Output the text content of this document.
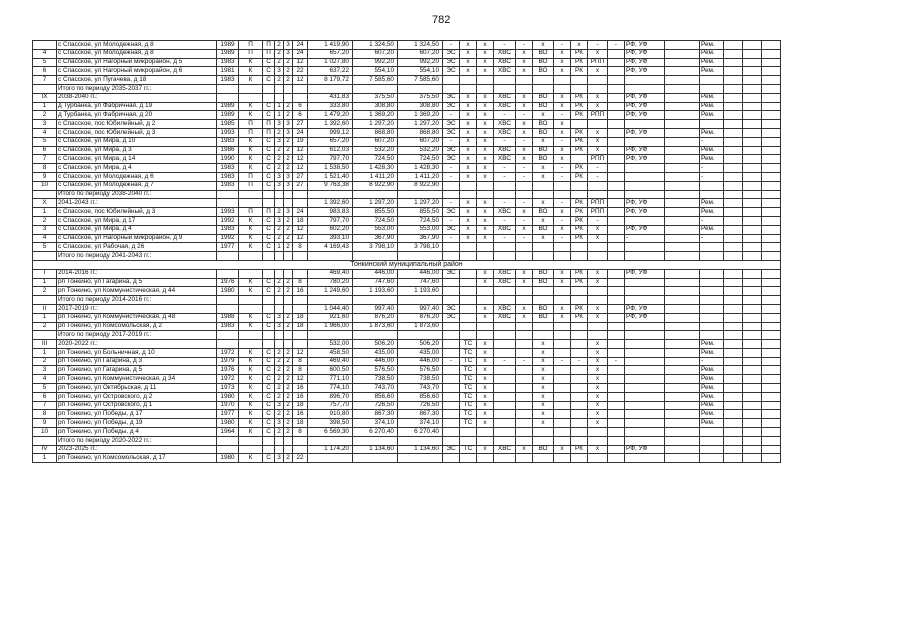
782
	с Спасское, ул Молодежная, д 8	1989	П	П	2	3	24	1 419,90	1 324,50	1 324,50	-	х	х	-	-	х	-	х	-	-	РФ, УФ		Рем.			
4	с Спасское, ул Молодежная, д 8	1989	П	П	2	3	24	657,20	607,20	607,20	ЭС	х	х	ХВС	х	ВО	х	РК	х		РФ, УФ		Рем.			
5	с Спасское, ул Нагорный микрорайон, д 5	1983	К	С	2	2	12	1 027,80	992,20	992,20	ЭС	х	х	ХВС	х	ВО	х	РК	РПП		РФ, УФ		Рем.			
6	с Спасское, ул Нагорный микрорайон, д 6	1981	К	С	3	2	22	637,22	554,10	554,10	ЭС	х	х	ХВС	х	ВО	х	РК	х		РФ, УФ		Рем.			
7	с Спасское, ул Пугачева, д 18	1983	К	С	2	2	12	8 179,72	7 585,60	7 585,60																
	Итого по периоду 2035-2037 гг.:																									
IX	2038-2040 гг.:							431,83	375,50	375,50	ЭС	х	х	ХВС	х	ВО	х	РК	х		РФ, УФ		Рем.			
1	д Турбанка, ул Фабричная, д 19	1989	К	С	1	2	6	333,80	308,80	308,80	ЭС	х	х	ХВС	х	ВО	х	РК	х		РФ, УФ		Рем.			
2	д Турбанка, ул Фабричная, д 20	1989	К	С	1	2	6	1 479,20	1 369,20	1 369,20	-	х	х	-	-	х	-	РК	РПП		РФ, УФ		Рем.			
3	с Спасское, пос Юбилейный, д 2	1985	П	П	3	3	27	1 392,60	1 297,20	1 297,20	ЭС	х	х	ХВС	х	ВО	х									
4	с Спасское, пос Юбилейный, д 3	1993	П	П	2	3	24	999,12	868,80	868,80	ЭС	х	х	ХВС	х	ВО	х	РК	х		РФ, УФ		Рем.			
5	с Спасское, ул Мира, д 10	1983	К	С	3	2	19	657,20	607,20	607,20	-	х	х	-	-	х	-	РК	х				-			
6	с Спасское, ул Мира, д 3	1986	К	С	2	2	12	612,03	532,20	532,20	ЭС	х	х	ХВС	х	ВО	х	РК	х		РФ, УФ		Рем.			
7	с Спасское, ул Мира, д 14	1990	К	С	2	2	12	797,70	724,50	724,50	ЭС	х	х	ХВС	х	ВО	х		РПП		РФ, УФ		Рем.			
8	с Спасское, ул Мира, д 4	1983	К	С	2	2	12	1 538,50	1 428,30	1 428,30	-	х	х	-	-	х	-	РК	-				-			
9	с Спасское, ул Молодежная, д 6	1983	П	С	3	3	27	1 521,40	1 411,20	1 411,20	-	х	х	-	-	х	-	РК	-				-			
10	с Спасское, ул Молодежная, д 7	1983	П	С	3	3	27	9 763,38	8 922,90	8 922,90																
	Итого по периоду 2038-2040 гг.:																									
X	2041-2043 гг.:							1 392,60	1 297,20	1 297,20	-	х	х	-	-	х	-	РК	РПП		РФ, УФ		Рем.			
1	с Спасское, пос Юбилейный, д 3	1993	П	П	2	3	24	983,83	855,50	855,50	ЭС	х	х	ХВС	х	ВО	х	РК	РПП		РФ, УФ		Рем.			
2	с Спасское, ул Мира, д 17	1992	К	С	3	2	18	797,70	724,50	724,50	-	х	х	-	-	х	-	РК	-				-			
3	с Спасское, ул Мира, д 4	1983	К	С	2	2	12	602,20	553,00	553,00	ЭС	х	х	ХВС	х	ВО	х	РК	х		РФ, УФ		Рем.			
4	с Спасское, ул Нагорный микрорайон, д 9	1992	К	С	2	2	12	393,10	367,90	367,90	-	х	х	-	-	х	-	РК	х		-		-			
5	с Спасское, ул Рабочая, д 26	1977	К	С	1	2	8	4 169,43	3 798,10	3 798,10																
	Итого по периоду 2041-2043 гг.:																									
Тонкинский муниципальный район																										
I	2014-2016 гг.:							469,40	446,00	446,00	ЭС		х	ХВС	х	ВО	х	РК	х		РФ, УФ					
1	рп Тонкино, ул Гагарина, д 5	1976	К	С	2	2	8	780,20	747,60	747,60			х	ХВС	х	ВО	х	РК	х							
2	рп Тонкино, ул Коммунистическая, д 44	1980	К	С	2	2	16	1 249,60	1 193,60	1 193,60																
	Итого по периоду 2014-2016 гг.:																									
II	2017-2019 гг.:							1 044,40	997,40	997,40	ЭС		х	ХВС	х	ВО	х	РК	х		РФ, УФ					
1	рп Тонкино, ул Коммунистическая, д 48	1988	К	С	3	2	18	921,60	876,20	876,20	ЭС		х	ХВС	х	ВО	х	РК	х		РФ, УФ					
2	рп Тонкино, ул Комсомольская, д 2	1983	К	С	3	2	18	1 966,00	1 873,60	1 873,60																
	Итого по периоду 2017-2019 гг.:																									
III	2020-2022 гг.:							532,00	506,20	506,20		ТС	х			х			х				Рем.			
1	рп Тонкино, ул Больничная, д 10	1972	К	С	2	2	12	458,50	435,00	435,00		ТС	х			х			х				Рем.			
2	рп Тонкино, ул Гагарина, д 3	1979	К	С	2	2	8	469,40	446,00	446,00	-	ТС	х	-	-	х	-	-	х	-			-			
3	рп Тонкино, ул Гагарина, д 5	1976	К	С	2	2	8	600,50	576,50	576,50		ТС	х			х			х				Рем.			
4	рп Тонкино, ул Коммунистическая, д 34	1972	К	С	2	2	12	771,10	738,50	738,50		ТС	х			х			х				Рем.			
5	рп Тонкино, ул Октябрьская, д 11	1973	К	С	2	2	16	774,10	743,70	743,70		ТС	х			х			х				Рем.			
6	рп Тонкино, ул Островского, д 2	1980	К	С	2	2	16	896,70	856,60	856,60		ТС	х			х			х				Рем.			
7	рп Тонкино, ул Островского, д 1	1970	К	С	3	2	18	757,70	726,50	726,50		ТС	х			х			х				Рем.			
8	рп Тонкино, ул Победы, д 17	1977	К	С	2	2	16	910,80	867,30	867,30		ТС	х			х			х				Рем.			
9	рп Тонкино, ул Победы, д 19	1980	К	С	3	2	18	398,50	374,10	374,10		ТС	х			х			х				Рем.			
10	рп Тонкино, ул Победы, д 4	1964	К	С	2	2	8	6 569,30	6 270,40	6 270,40																
	Итого по периоду 2020-2022 гг.:																									
IV	2023-2025 гг.:							1 174,20	1 134,60	1 134,60	ЭС	ТС	х	ХВС	х	ВО	х	РК	х		РФ, УФ					
1	рп Тонкино, ул Комсомольская, д 17	1980	К	С	3	2	22																			
